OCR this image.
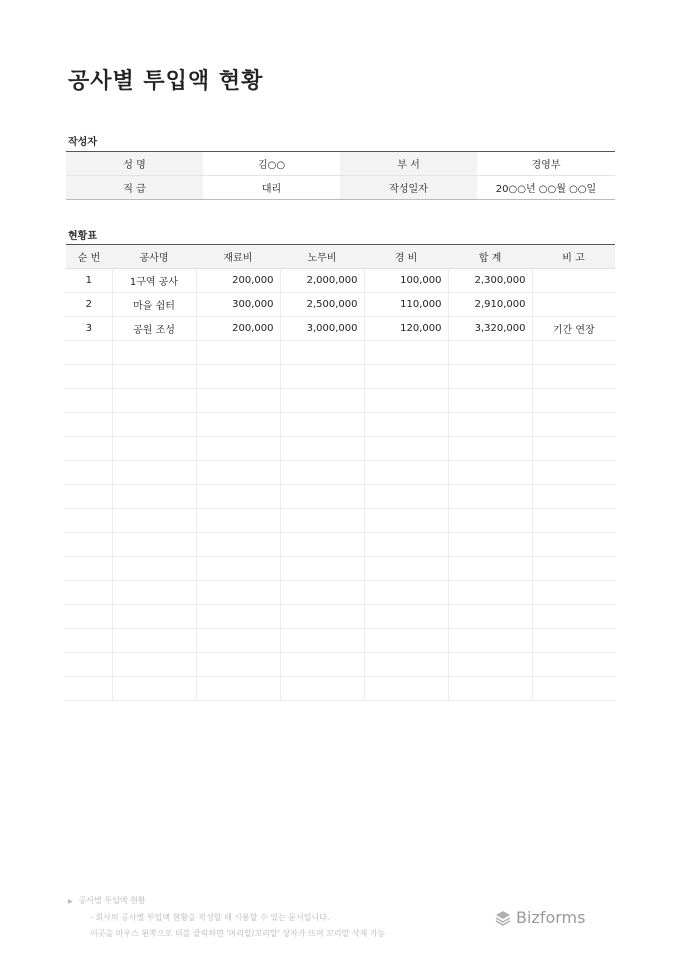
공사별 투입액 현황
작성자
성 명	김○○	부 서	경영부
직 급	대리	작성일자	20○○년 ○○월 ○○일
현황표
순 번	공사명	재료비	노무비	경 비	합 계	비 고
1	1구역 공사	200,000	2,000,000	100,000	2,300,000	
2	마을 쉼터	300,000	2,500,000	110,000	2,910,000	
3	공원 조성	200,000	3,000,000	120,000	3,320,000	기간 연장

▶ 공사별 투입액 현황
- 회사의 공사별 투입액 현황을 작성할 때 사용할 수 있는 문서입니다.
이곳을 마우스 왼쪽으로 더블 클릭하면 '머리말/꼬리말' 상자가 뜨며 꼬리말 삭제 가능
Bizforms
